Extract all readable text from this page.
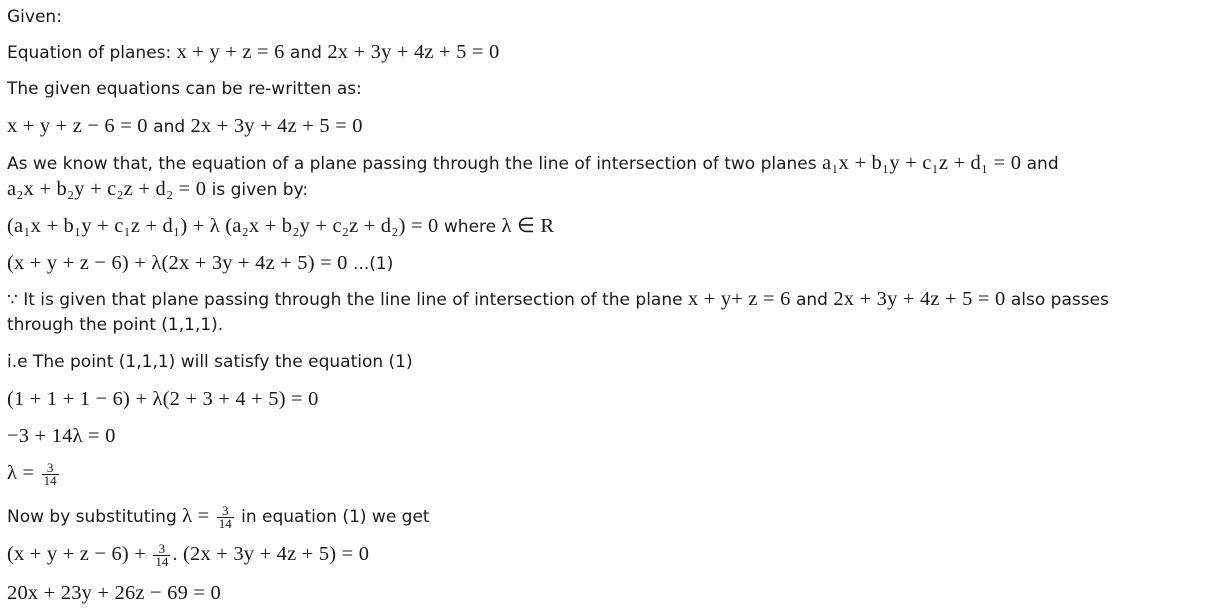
Given:
Equation of planes: x + y + z = 6 and 2x + 3y + 4z + 5 = 0
The given equations can be re-written as:
x + y + z − 6 = 0 and 2x + 3y + 4z + 5 = 0
As we know that, the equation of a plane passing through the line of intersection of two planes a₁x + b₁y + c₁z + d₁ = 0 and
a₂x + b₂y + c₂z + d₂ = 0 is given by:
(a₁x + b₁y + c₁z + d₁) + λ (a₂x + b₂y + c₂z + d₂) = 0 where λ ∈ R
(x + y + z − 6) + λ(2x + 3y + 4z + 5) = 0 ...(1)
∵ It is given that plane passing through the line line of intersection of the plane x + y+ z = 6 and 2x + 3y + 4z + 5 = 0 also passes
through the point (1,1,1).
i.e The point (1,1,1) will satisfy the equation (1)
(1 + 1 + 1 − 6) + λ(2 + 3 + 4 + 5) = 0
−3 + 14λ = 0
$\lambda = \frac{3}{14}$
Now by substituting $\lambda = \frac{3}{14}$ in equation (1) we get
$(x + y + z - 6) + \frac{3}{14}$ . (2x + 3y + 4z + 5) = 0
20x + 23y + 26z − 69 = 0
